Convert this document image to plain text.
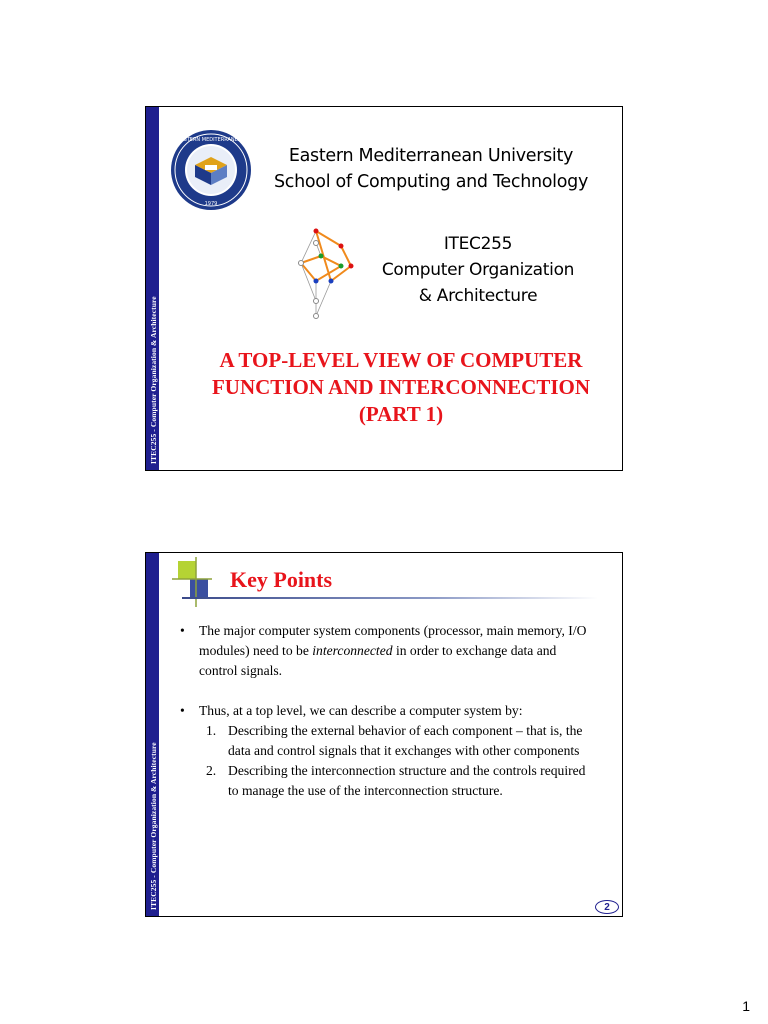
ITEC255 - Computer Organization & Architecture
EASTERN MEDITERRANEAN
1979
Eastern Mediterranean University
School of Computing and Technology
ITEC255
Computer Organization
& Architecture
A TOP-LEVEL VIEW OF COMPUTER
FUNCTION AND INTERCONNECTION
(PART 1)
ITEC255 - Computer Organization & Architecture
Key Points
• The major computer system components (processor, main memory, I/O modules) need to be interconnected in order to exchange data and control signals.
• Thus, at a top level, we can describe a computer system by:
1. Describing the external behavior of each component – that is, the data and control signals that it exchanges with other components
2. Describing the interconnection structure and the controls required to manage the use of the interconnection structure.
2
1
